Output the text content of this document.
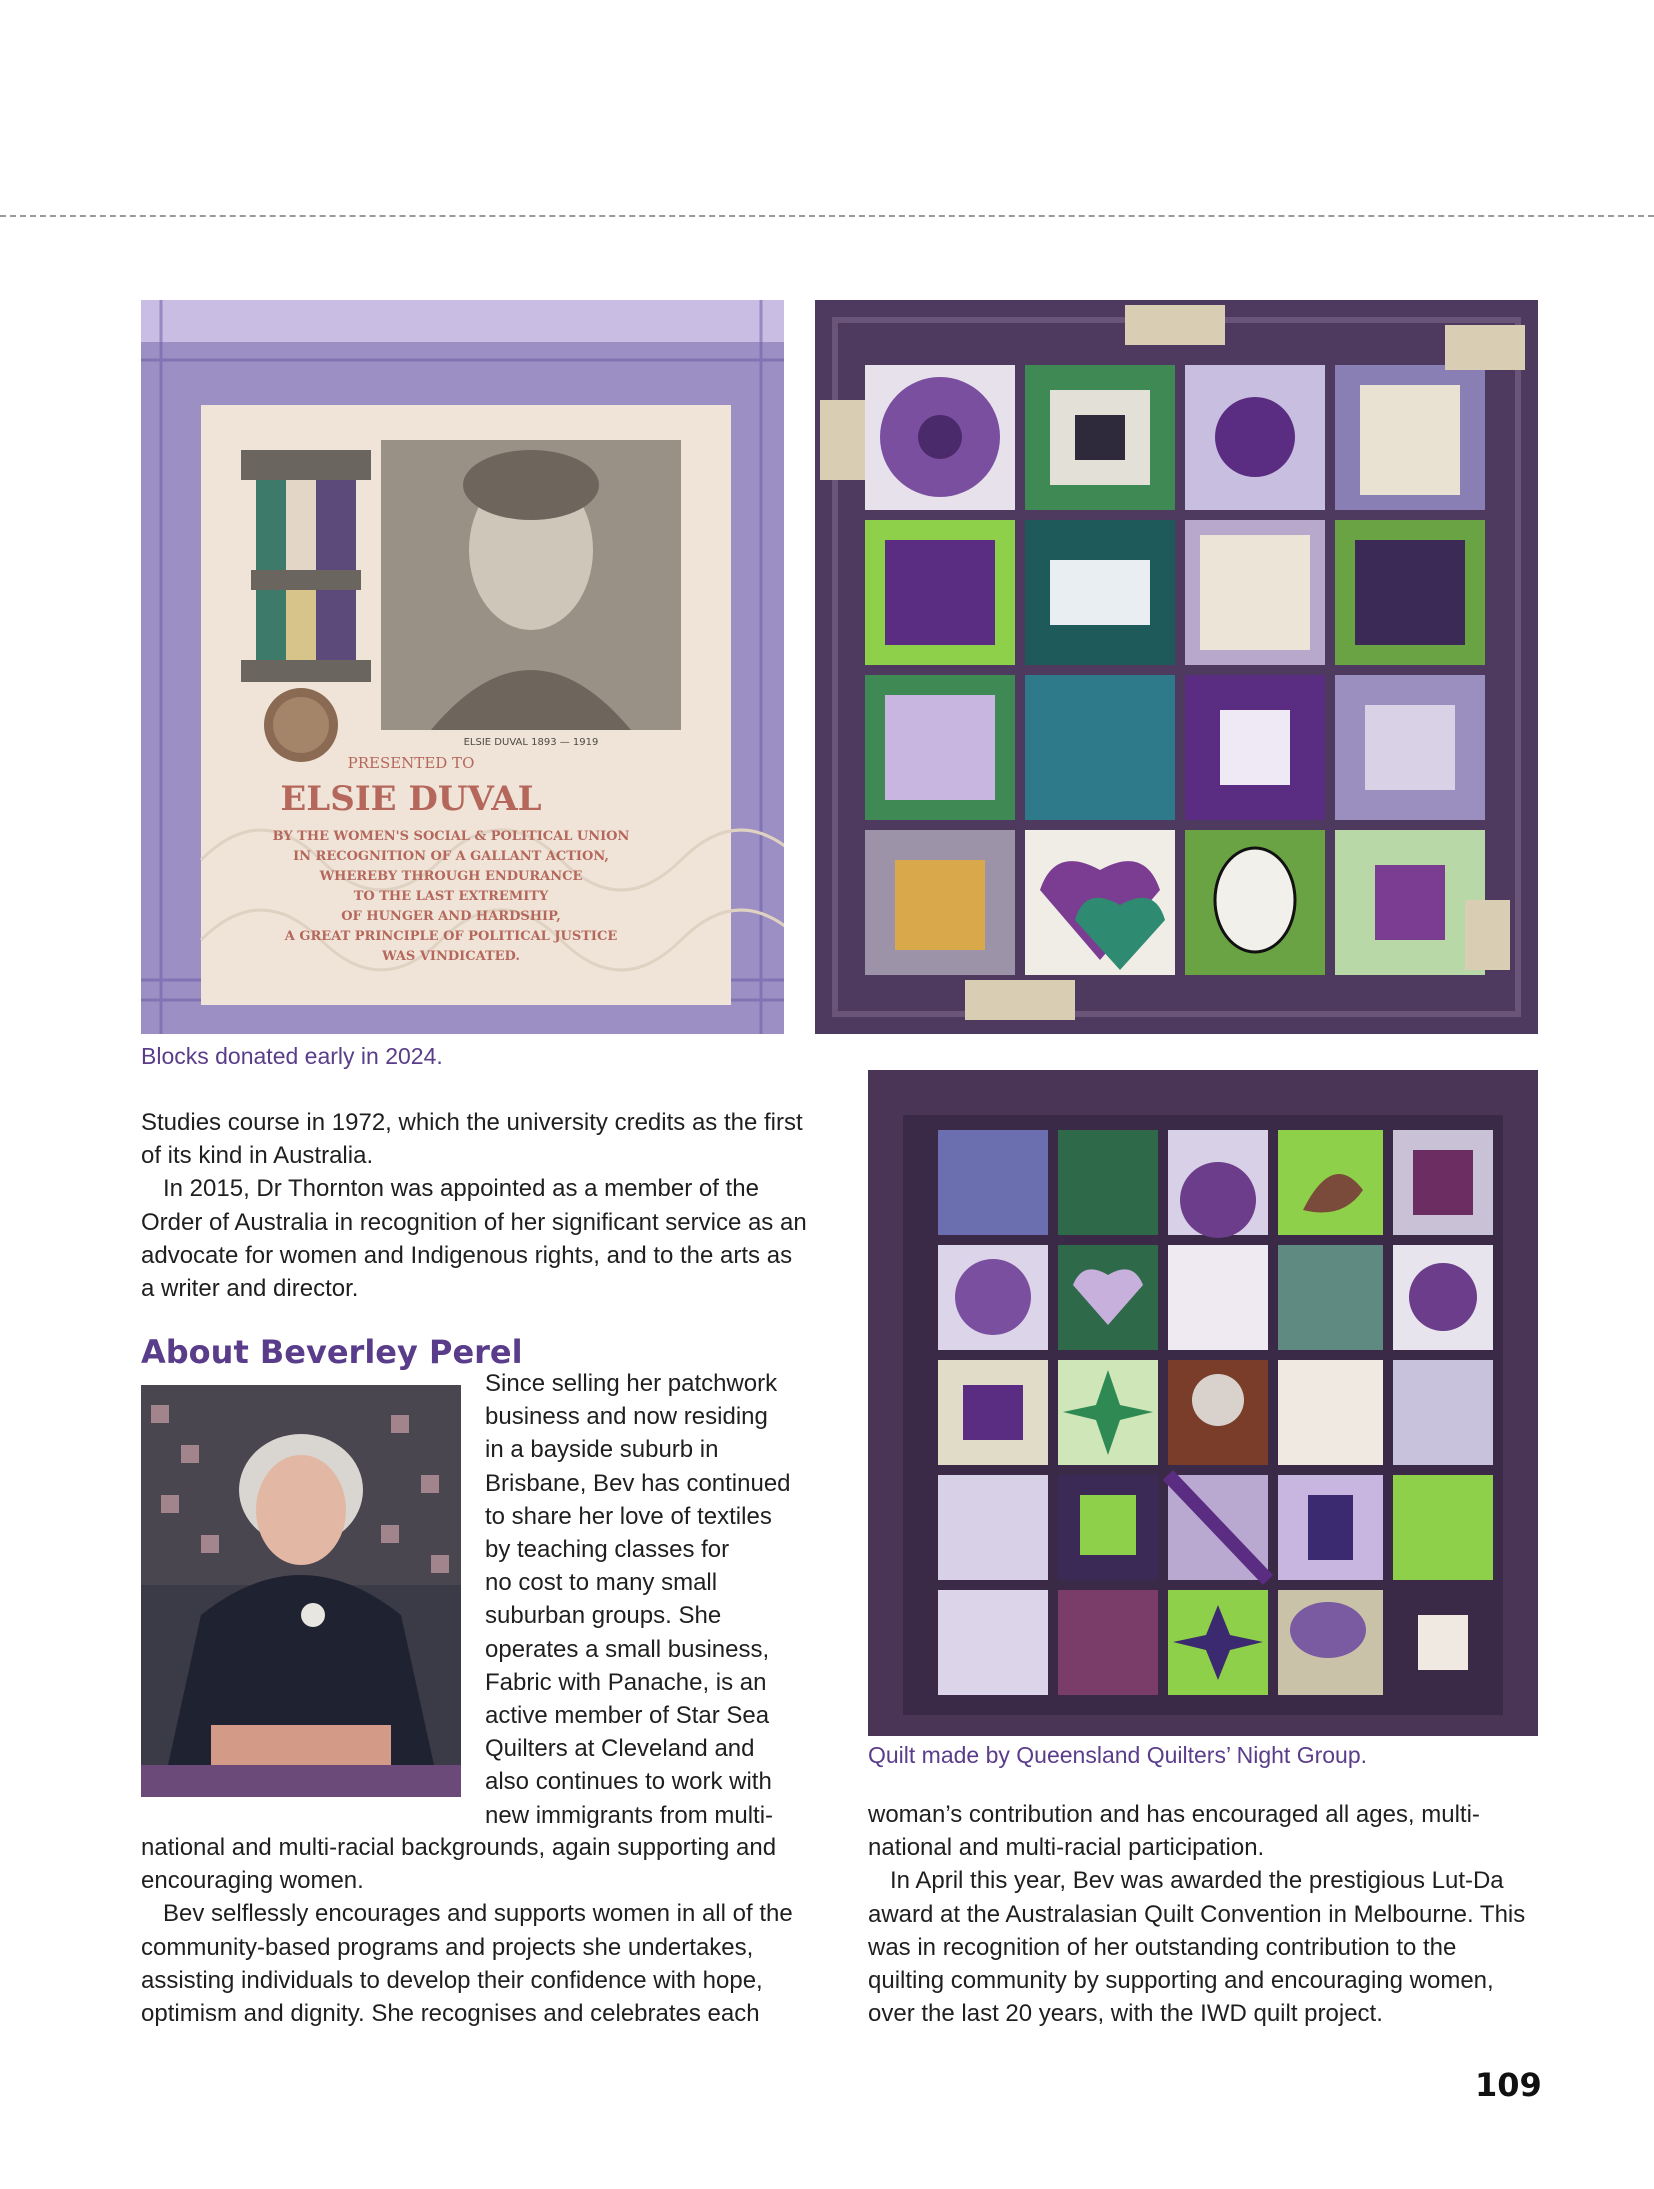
ELSIE DUVAL 1893 — 1919
PRESENTED TO
ELSIE DUVAL
BY THE WOMEN'S SOCIAL & POLITICAL UNION
IN RECOGNITION OF A GALLANT ACTION,
WHEREBY THROUGH ENDURANCE
TO THE LAST EXTREMITY
OF HUNGER AND HARDSHIP,
A GREAT PRINCIPLE OF POLITICAL JUSTICE
WAS VINDICATED.
Blocks donated early in 2024.
Quilt made by Queensland Quilters’ Night Group.

Studies course in 1972, which the university credits as the first of its kind in Australia.

In 2015, Dr Thornton was appointed as a member of the Order of Australia in recognition of her significant service as an advocate for women and Indigenous rights, and to the arts as a writer and director.

About Beverley Perel

Since selling her patchwork

business and now residing

in a bayside suburb in

Brisbane, Bev has continued

to share her love of textiles

by teaching classes for

no cost to many small

suburban groups. She

operates a small business,

Fabric with Panache, is an

active member of Star Sea

Quilters at Cleveland and

also continues to work with

new immigrants from multi-

national and multi-racial backgrounds, again supporting and encouraging women.

Bev selflessly encourages and supports women in all of the community-based programs and projects she undertakes, assisting individuals to develop their confidence with hope, optimism and dignity. She recognises and celebrates each

woman’s contribution and has encouraged all ages, multi-national and multi-racial participation.

In April this year, Bev was awarded the prestigious Lut-Da award at the Australasian Quilt Convention in Melbourne. This was in recognition of her outstanding contribution to the quilting community by supporting and encouraging women, over the last 20 years, with the IWD quilt project.

109
